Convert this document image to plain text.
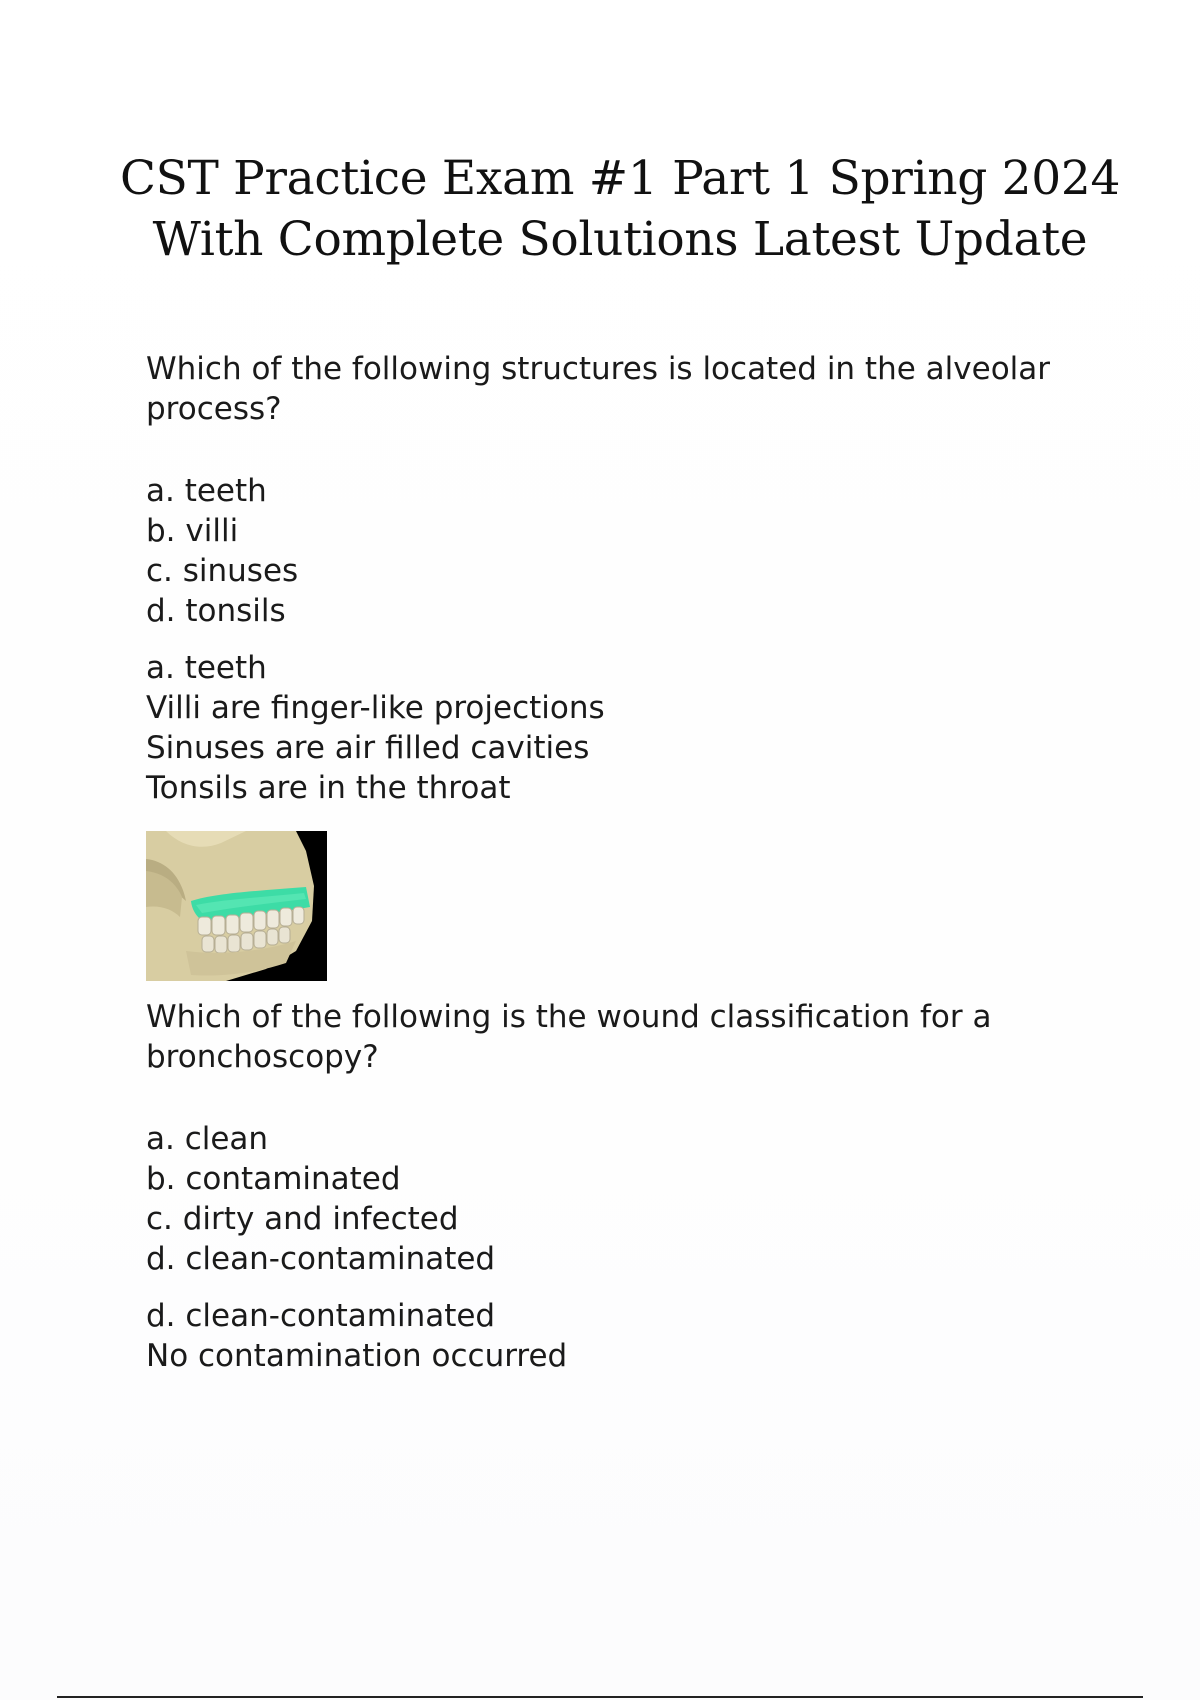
CST Practice Exam #1 Part 1 Spring 2024
With Complete Solutions Latest Update
Which of the following structures is located in the alveolar
process?
a. teeth
b. villi
c. sinuses
d. tonsils
a. teeth
Villi are finger-like projections
Sinuses are air filled cavities
Tonsils are in the throat
Which of the following is the wound classification for a
bronchoscopy?
a. clean
b. contaminated
c. dirty and infected
d. clean-contaminated
d. clean-contaminated
No contamination occurred
